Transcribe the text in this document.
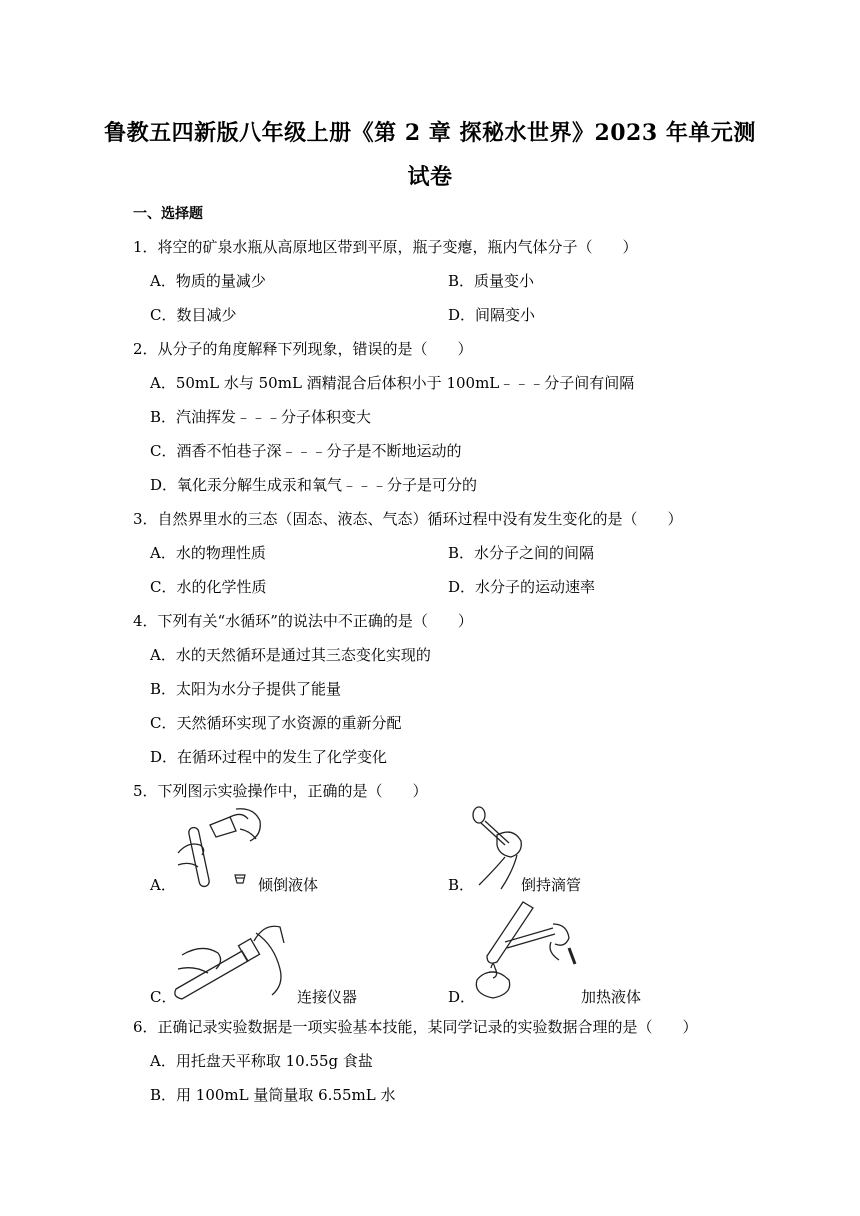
鲁教五四新版八年级上册《第 2 章 探秘水世界》2023 年单元测
试卷
一、选择题
1．将空的矿泉水瓶从高原地区带到平原，瓶子变瘪，瓶内气体分子（　　）
A．物质的量减少	B．质量变小
C．数目减少	D．间隔变小
2．从分子的角度解释下列现象，错误的是（　　）
A．50mL 水与 50mL 酒精混合后体积小于 100mL﹣﹣﹣分子间有间隔
B．汽油挥发﹣﹣﹣分子体积变大
C．酒香不怕巷子深﹣﹣﹣分子是不断地运动的
D．氧化汞分解生成汞和氧气﹣﹣﹣分子是可分的
3．自然界里水的三态（固态、液态、气态）循环过程中没有发生变化的是（　　）
A．水的物理性质	B．水分子之间的间隔
C．水的化学性质	D．水分子的运动速率
4．下列有关“水循环”的说法中不正确的是（　　）
A．水的天然循环是通过其三态变化实现的
B．太阳为水分子提供了能量
C．天然循环实现了水资源的重新分配
D．在循环过程中的发生了化学变化
5．下列图示实验操作中，正确的是（　　）
A．	倾倒液体	B．	倒持滴管
C．	连接仪器	D．	加热液体
6．正确记录实验数据是一项实验基本技能，某同学记录的实验数据合理的是（　　）
A．用托盘天平称取 10.55g 食盐
B．用 100mL 量筒量取 6.55mL 水
